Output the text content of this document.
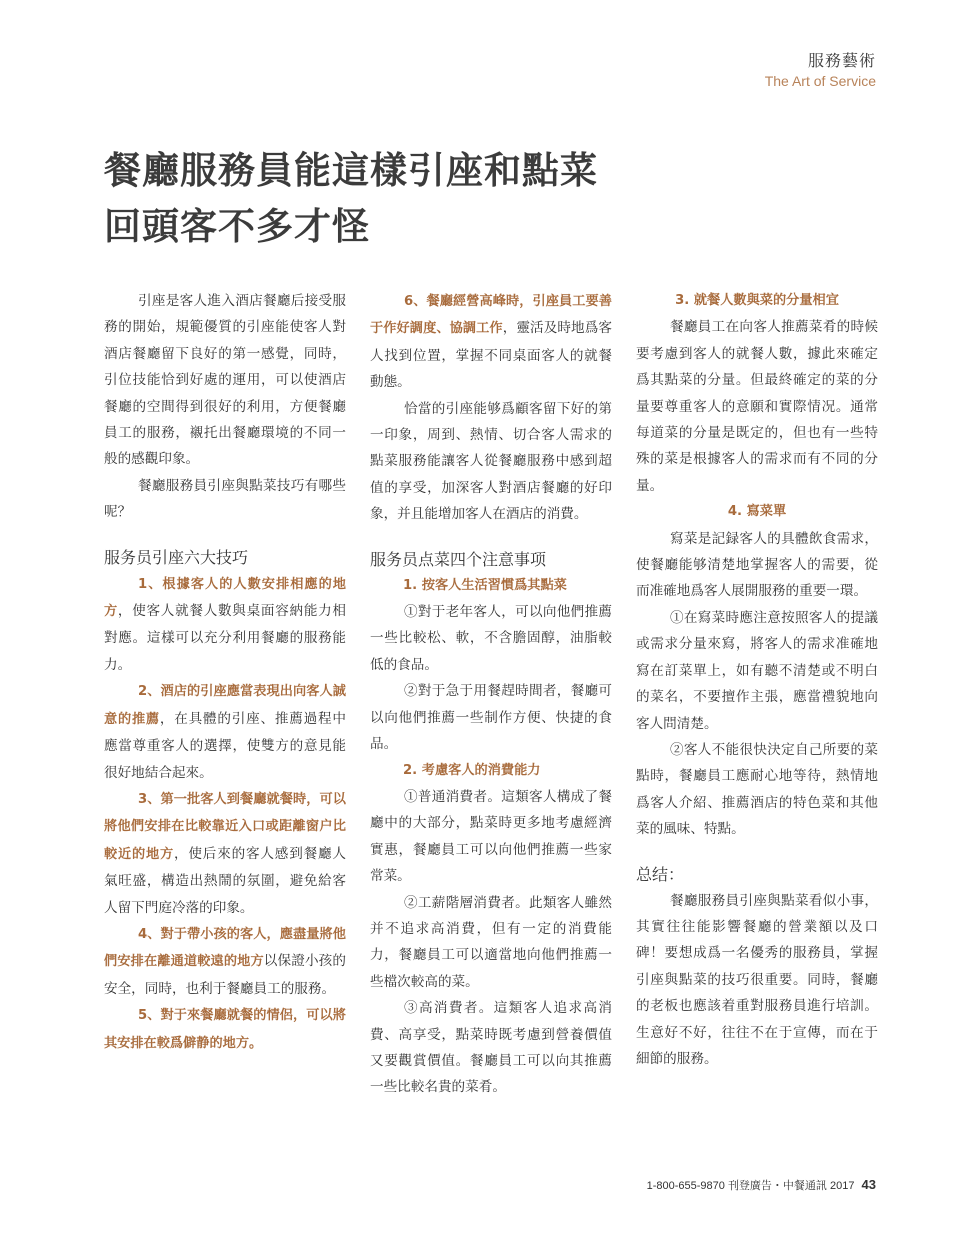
服務藝術
The Art of Service
餐廳服務員能這樣引座和點菜
回頭客不多才怪

引座是客人進入酒店餐廳后接受服務的開始，規範優質的引座能使客人對酒店餐廳留下良好的第一感覺，同時，引位技能恰到好處的運用，可以使酒店餐廳的空間得到很好的利用，方便餐廳員工的服務，襯托出餐廳環境的不同一般的感觀印象。

餐廳服務員引座與點菜技巧有哪些呢？

服务员引座六大技巧

1、根據客人的人數安排相應的地方，使客人就餐人數與桌面容納能力相對應。這樣可以充分利用餐廳的服務能力。

2、酒店的引座應當表現出向客人誠意的推薦，在具體的引座、推薦過程中應當尊重客人的選擇，使雙方的意見能很好地結合起來。

3、第一批客人到餐廳就餐時，可以將他們安排在比較靠近入口或距離窗户比較近的地方，使后來的客人感到餐廳人氣旺盛，構造出熱鬧的氛圍，避免給客人留下門庭冷落的印象。

4、對于帶小孩的客人，應盡量將他們安排在離通道較遠的地方以保證小孩的安全，同時，也利于餐廳員工的服務。

5、對于來餐廳就餐的情侶，可以將其安排在較爲僻静的地方。

6、餐廳經營高峰時，引座員工要善于作好調度、協調工作，靈活及時地爲客人找到位置，掌握不同桌面客人的就餐動態。

恰當的引座能够爲顧客留下好的第一印象，周到、熱情、切合客人需求的點菜服務能讓客人從餐廳服務中感到超值的享受，加深客人對酒店餐廳的好印象，并且能增加客人在酒店的消費。

服务员点菜四个注意事项

1. 按客人生活習慣爲其點菜

①對于老年客人，可以向他們推薦一些比較松、軟，不含膽固醇，油脂較低的食品。

②對于急于用餐趕時間者，餐廳可以向他們推薦一些制作方便、快捷的食品。

2. 考慮客人的消費能力

①普通消費者。這類客人構成了餐廳中的大部分，點菜時更多地考慮經濟實惠，餐廳員工可以向他們推薦一些家常菜。

②工薪階層消費者。此類客人雖然并不追求高消費，但有一定的消費能力，餐廳員工可以適當地向他們推薦一些檔次較高的菜。

③高消費者。這類客人追求高消費、高享受，點菜時既考慮到營養價值又要觀賞價值。餐廳員工可以向其推薦一些比較名貴的菜肴。

3. 就餐人數與菜的分量相宜

餐廳員工在向客人推薦菜肴的時候要考慮到客人的就餐人數，據此來確定爲其點菜的分量。但最終確定的菜的分量要尊重客人的意願和實際情况。通常每道菜的分量是既定的，但也有一些特殊的菜是根據客人的需求而有不同的分量。

4. 寫菜單

寫菜是記録客人的具體飲食需求，使餐廳能够清楚地掌握客人的需要，從而准確地爲客人展開服務的重要一環。

①在寫菜時應注意按照客人的提議或需求分量來寫，將客人的需求准確地寫在訂菜單上，如有聽不清楚或不明白的菜名，不要擅作主張，應當禮貌地向客人問清楚。

②客人不能很快決定自己所要的菜點時，餐廳員工應耐心地等待，熱情地爲客人介紹、推薦酒店的特色菜和其他菜的風味、特點。

总结：

餐廳服務員引座與點菜看似小事，其實往往能影響餐廳的營業額以及口碑！要想成爲一名優秀的服務員，掌握引座與點菜的技巧很重要。同時，餐廳的老板也應該着重對服務員進行培訓。生意好不好，往往不在于宣傳，而在于細節的服務。

1-800-655-9870 刊登廣告・中餐通訊 2017 43
